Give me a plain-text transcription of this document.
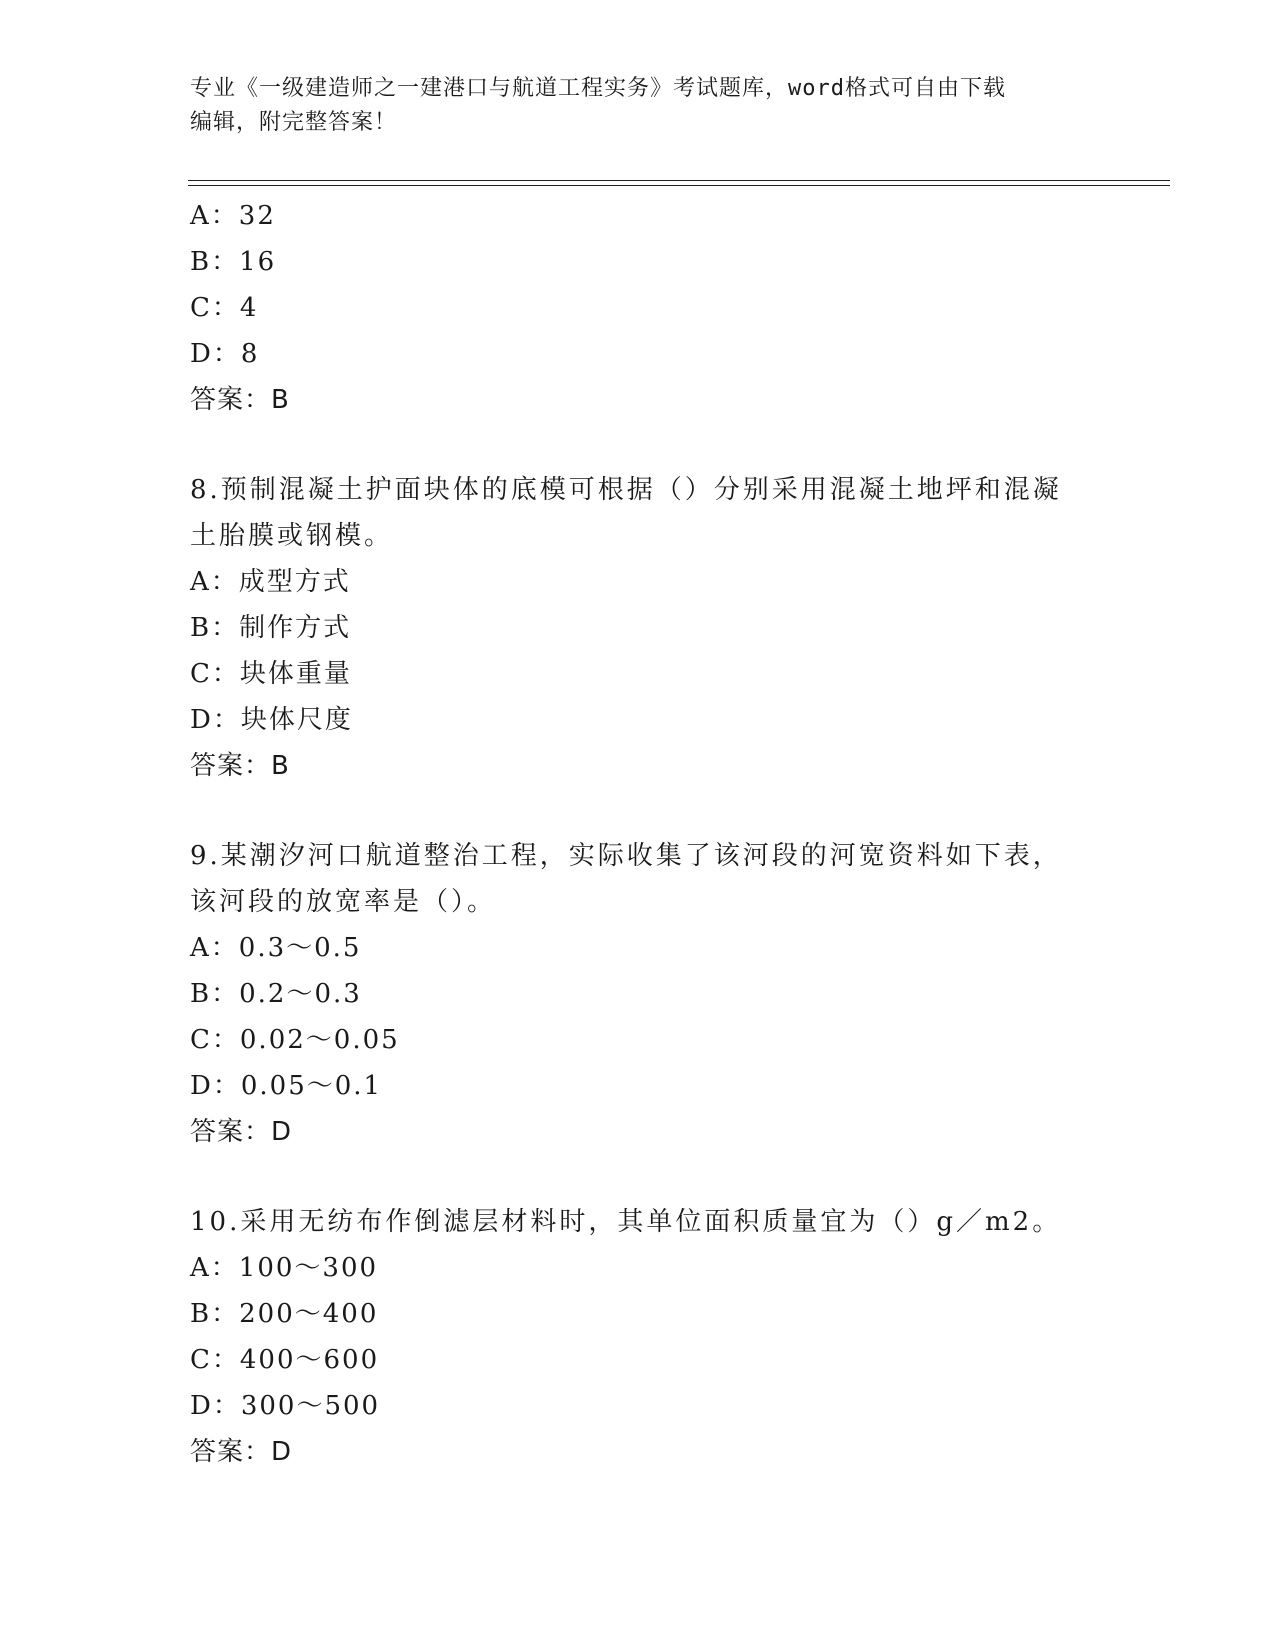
专业《一级建造师之一建港口与航道工程实务》考试题库，word格式可自由下载
编辑，附完整答案！
A：32
B：16
C：4
D：8
答案：B
8.预制混凝土护面块体的底模可根据（）分别采用混凝土地坪和混凝土胎膜或钢模。
A：成型方式
B：制作方式
C：块体重量
D：块体尺度
答案：B
9.某潮汐河口航道整治工程，实际收集了该河段的河宽资料如下表，该河段的放宽率是（）。
A：0.3～0.5
B：0.2～0.3
C：0.02～0.05
D：0.05～0.1
答案：D
10.采用无纺布作倒滤层材料时，其单位面积质量宜为（）g／m2。
A：100～300
B：200～400
C：400～600
D：300～500
答案：D
